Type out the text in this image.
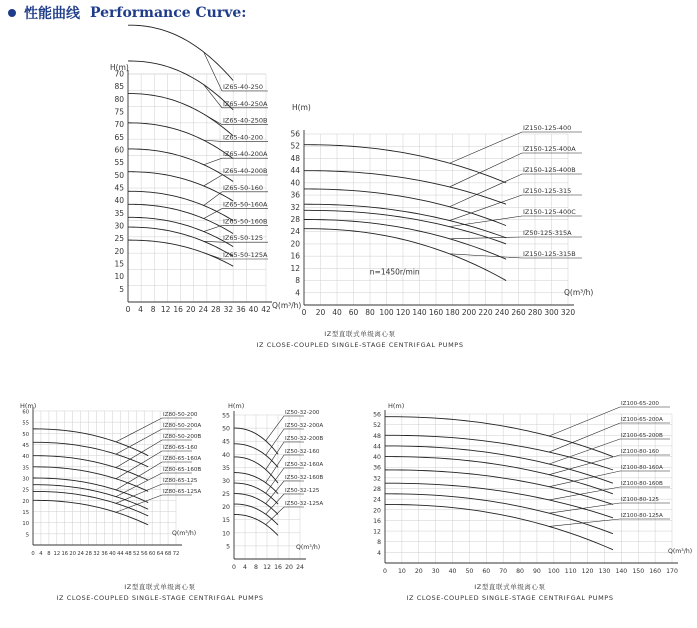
性能曲线 Performance Curve:
0 4 8 12 16 20 24 28 32 36 40 42
5
10
15
20
25
30
35
40
45
50
55
60
65
70
75
80
85
70
H(m)
Q(m³/h)
IZ65-40-250
IZ65-40-250A
IZ65-40-250B
IZ65-40-200
IZ65-40-200A
IZ65-40-200B
IZ65-50-160
IZ65-50-160A
IZ65-50-160B
IZ65-50-125
IZ65-50-125A
0 20 40 60 80 100 120 140 160 180 200 220 240 260 280 300 320
4
8
12
16
20
24
28
32
36
40
44
48
52
56
H(m)
Q(m³/h)
n=1450r/min
IZ150-125-400
IZ150-125-400A
IZ150-125-400B
IZ150-125-315
IZ150-125-400C
IZ50-125-315A
IZ150-125-315B
0 4 8 12 16 20 24 28 32 36 40 44 48 52 56 60 64 68 72
5
10
15
20
25
30
35
40
45
50
55
60
H(m)
Q(m³/h)
IZ80-50-200
IZ80-50-200A
IZ80-50-200B
IZ80-65-160
IZ80-65-160A
IZ80-65-160B
IZ80-65-125
IZ80-65-125A
0 4 8 12 16 20 24
5
10
15
20
25
30
35
40
45
50
55
H(m)
Q(m³/h)
IZ50-32-200
IZ50-32-200A
IZ50-32-200B
IZ50-32-160
IZ50-32-160A
IZ50-32-160B
IZ50-32-125
IZ50-32-125A
0 10 20 30 40 50 60 70 80 90 100 110 120 130 140 150 160 170
4
8
12
16
20
24
28
32
36
40
44
48
52
56
H(m)
Q(m³/h)
IZ100-65-200
IZ100-65-200A
IZ100-65-200B
IZ100-80-160
IZ100-80-160A
IZ100-80-160B
IZ100-80-125
IZ100-80-125A
IZ型直联式单级离心泵
IZ CLOSE-COUPLED SINGLE-STAGE CENTRIFGAL PUMPS
IZ型直联式单级离心泵
IZ CLOSE-COUPLED SINGLE-STAGE CENTRIFGAL PUMPS
IZ型直联式单级离心泵
IZ CLOSE-COUPLED SINGLE-STAGE CENTRIFGAL PUMPS
